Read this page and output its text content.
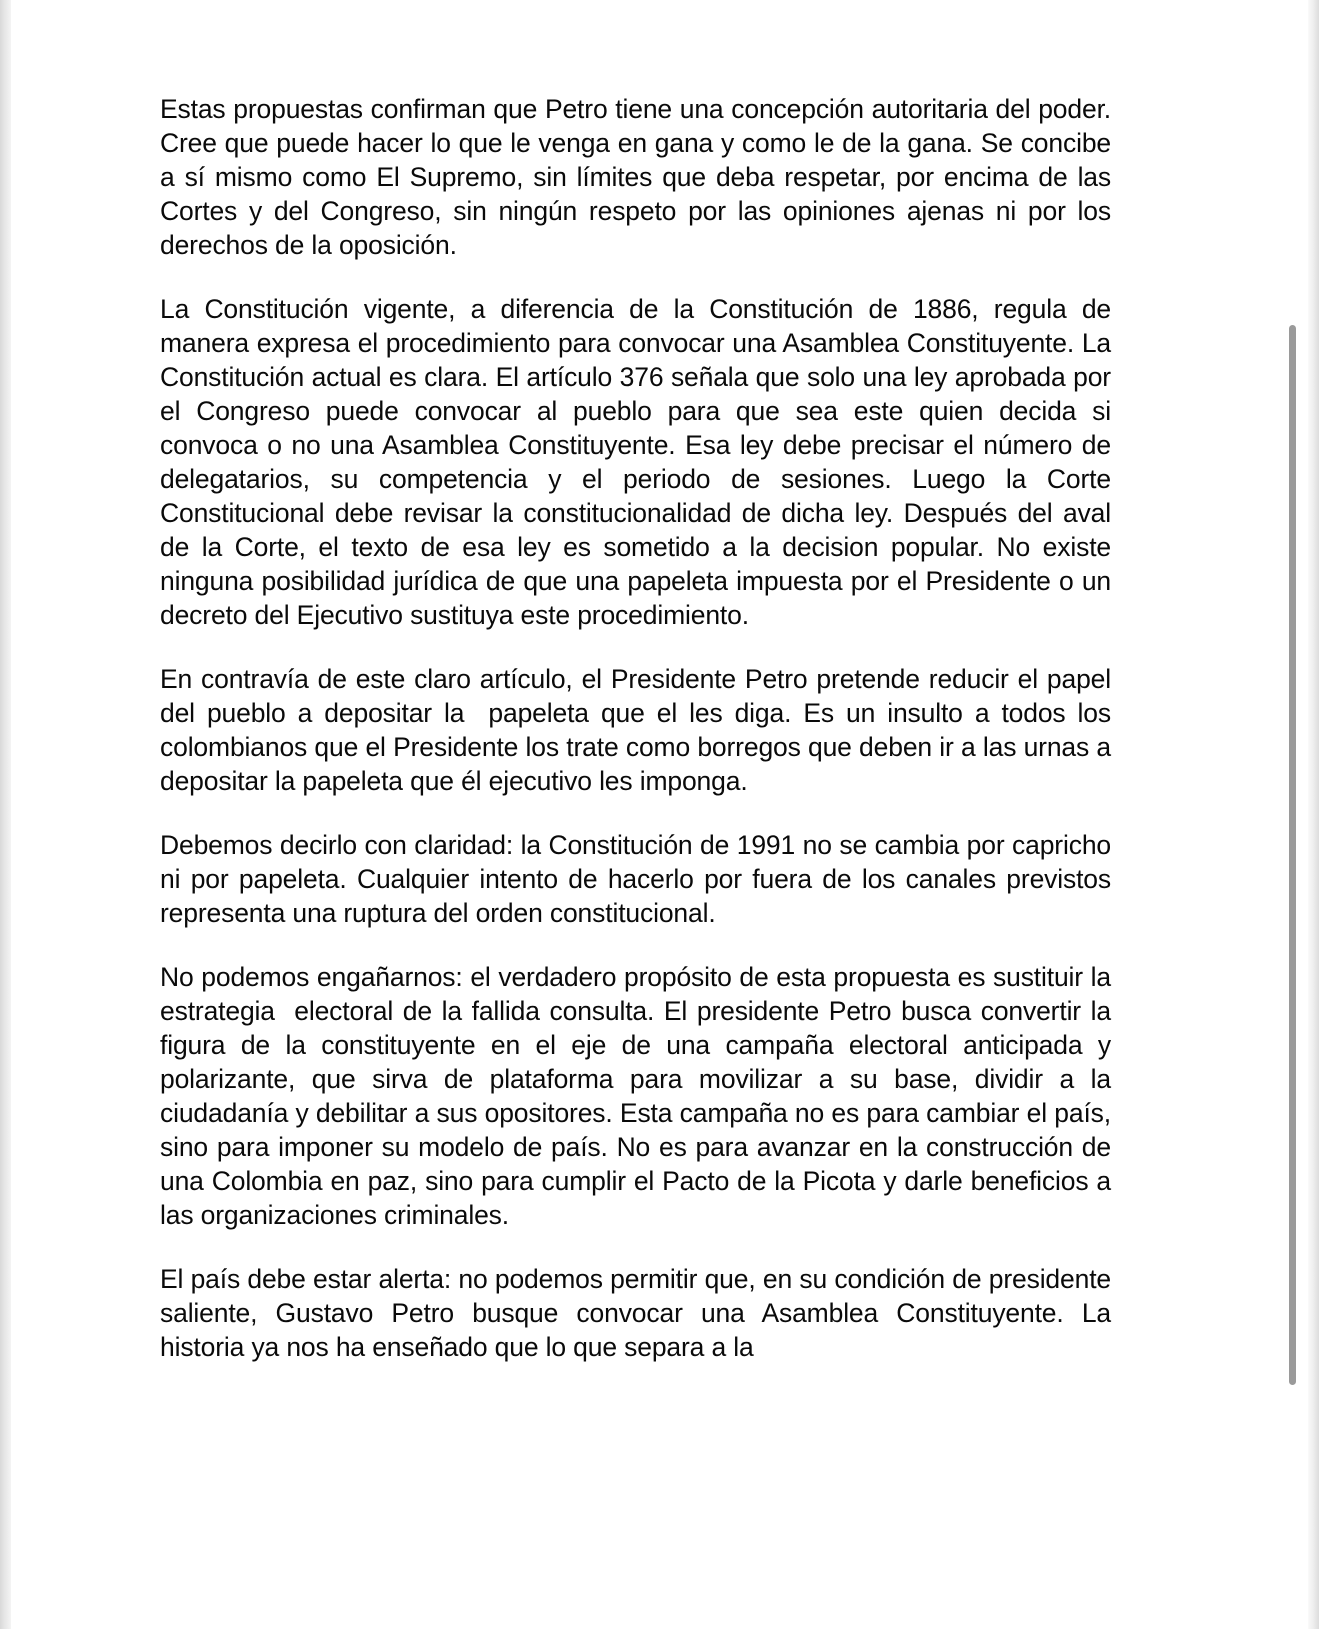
Estas propuestas confirman que Petro tiene una concepción autoritaria del poder. Cree que puede hacer lo que le venga en gana y como le de la gana. Se concibe a sí mismo como El Supremo, sin límites que deba respetar, por encima de las Cortes y del Congreso, sin ningún respeto por las opiniones ajenas ni por los derechos de la oposición.

La Constitución vigente, a diferencia de la Constitución de 1886, regula de manera expresa el procedimiento para convocar una Asamblea Constituyente. La Constitución actual es clara. El artículo 376 señala que solo una ley aprobada por el Congreso puede convocar al pueblo para que sea este quien decida si convoca o no una Asamblea Constituyente. Esa ley debe precisar el número de delegatarios, su competencia y el periodo de sesiones. Luego la Corte Constitucional debe revisar la constitucionalidad de dicha ley. Después del aval de la Corte, el texto de esa ley es sometido a la decision popular. No existe ninguna posibilidad jurídica de que una papeleta impuesta por el Presidente o un decreto del Ejecutivo sustituya este procedimiento.

En contravía de este claro artículo, el Presidente Petro pretende reducir el papel del pueblo a depositar la  papeleta que el les diga. Es un insulto a todos los colombianos que el Presidente los trate como borregos que deben ir a las urnas a depositar la papeleta que él ejecutivo les imponga.

Debemos decirlo con claridad: la Constitución de 1991 no se cambia por capricho ni por papeleta. Cualquier intento de hacerlo por fuera de los canales previstos representa una ruptura del orden constitucional.

No podemos engañarnos: el verdadero propósito de esta propuesta es sustituir la estrategia  electoral de la fallida consulta. El presidente Petro busca convertir la figura de la constituyente en el eje de una campaña electoral anticipada y polarizante, que sirva de plataforma para movilizar a su base, dividir a la ciudadanía y debilitar a sus opositores. Esta campaña no es para cambiar el país, sino para imponer su modelo de país. No es para avanzar en la construcción de una Colombia en paz, sino para cumplir el Pacto de la Picota y darle beneficios a las organizaciones criminales.

El país debe estar alerta: no podemos permitir que, en su condición de presidente saliente, Gustavo Petro busque convocar una Asamblea Constituyente. La historia ya nos ha enseñado que lo que separa a la
